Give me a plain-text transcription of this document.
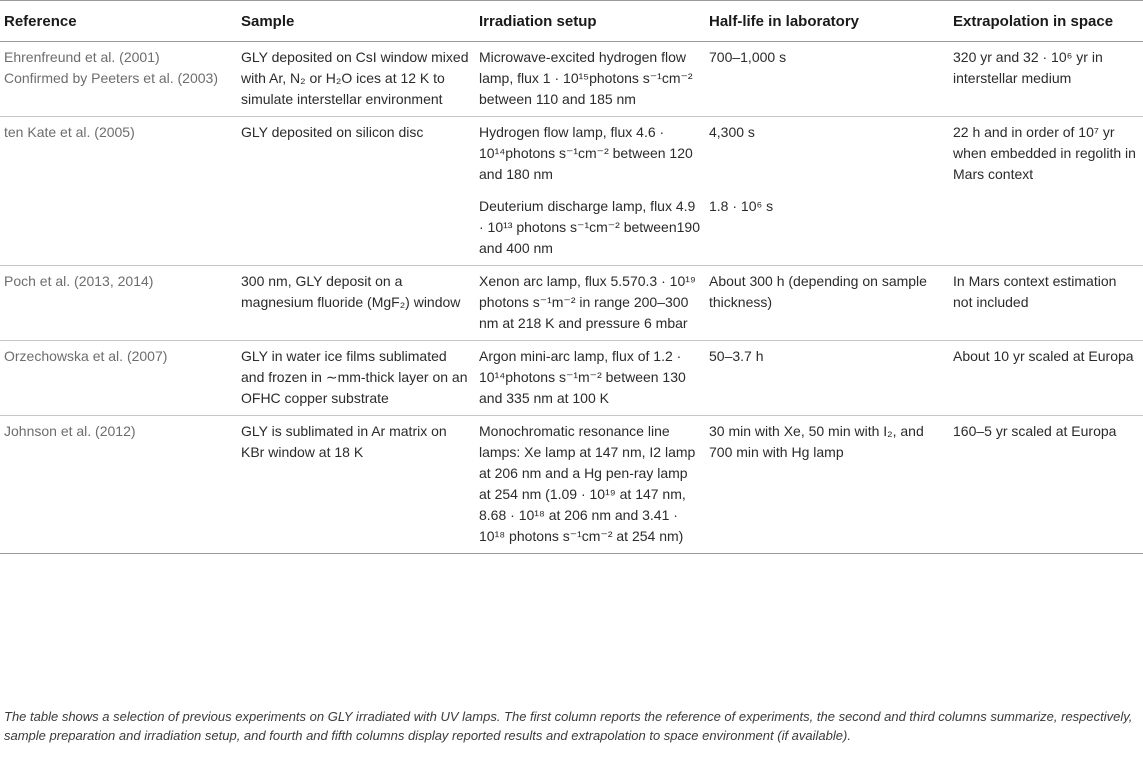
Reference	Sample	Irradiation setup	Half-life in laboratory	Extrapolation in space

Ehrenfreund et al. (2001)
Confirmed by Peeters et al. (2003)	GLY deposited on CsI window mixed with Ar, N₂ or H₂O ices at 12 K to simulate interstellar environment	Microwave-excited hydrogen flow lamp, flux 1 · 10¹⁵photons s⁻¹cm⁻² between 110 and 185 nm	700–1,000 s	320 yr and 32 · 10⁶ yr in interstellar medium
ten Kate et al. (2005)	GLY deposited on silicon disc	Hydrogen flow lamp, flux 4.6 · 10¹⁴photons s⁻¹cm⁻² between 120 and 180 nm	4,300 s	22 h and in order of 10⁷ yr when embedded in regolith in Mars context
		Deuterium discharge lamp, flux 4.9 · 10¹³ photons s⁻¹cm⁻² between190 and 400 nm	1.8 · 10⁶ s	
Poch et al. (2013, 2014)	300 nm, GLY deposit on a magnesium fluoride (MgF₂) window	Xenon arc lamp, flux 5.570.3 · 10¹⁹ photons s⁻¹m⁻² in range 200–300 nm at 218 K and pressure 6 mbar	About 300 h (depending on sample thickness)	In Mars context estimation not included
Orzechowska et al. (2007)	GLY in water ice films sublimated and frozen in ∼mm-thick layer on an OFHC copper substrate	Argon mini-arc lamp, flux of 1.2 · 10¹⁴photons s⁻¹m⁻² between 130 and 335 nm at 100 K	50–3.7 h	About 10 yr scaled at Europa
Johnson et al. (2012)	GLY is sublimated in Ar matrix on KBr window at 18 K	Monochromatic resonance line lamps: Xe lamp at 147 nm, I2 lamp at 206 nm and a Hg pen-ray lamp at 254 nm (1.09 · 10¹⁹ at 147 nm, 8.68 · 10¹⁸ at 206 nm and 3.41 · 10¹⁸ photons s⁻¹cm⁻² at 254 nm)	30 min with Xe, 50 min with I₂, and 700 min with Hg lamp	160–5 yr scaled at Europa
The table shows a selection of previous experiments on GLY irradiated with UV lamps. The first column reports the reference of experiments, the second and third columns summarize, respectively, sample preparation and irradiation setup, and fourth and fifth columns display reported results and extrapolation to space environment (if available).
